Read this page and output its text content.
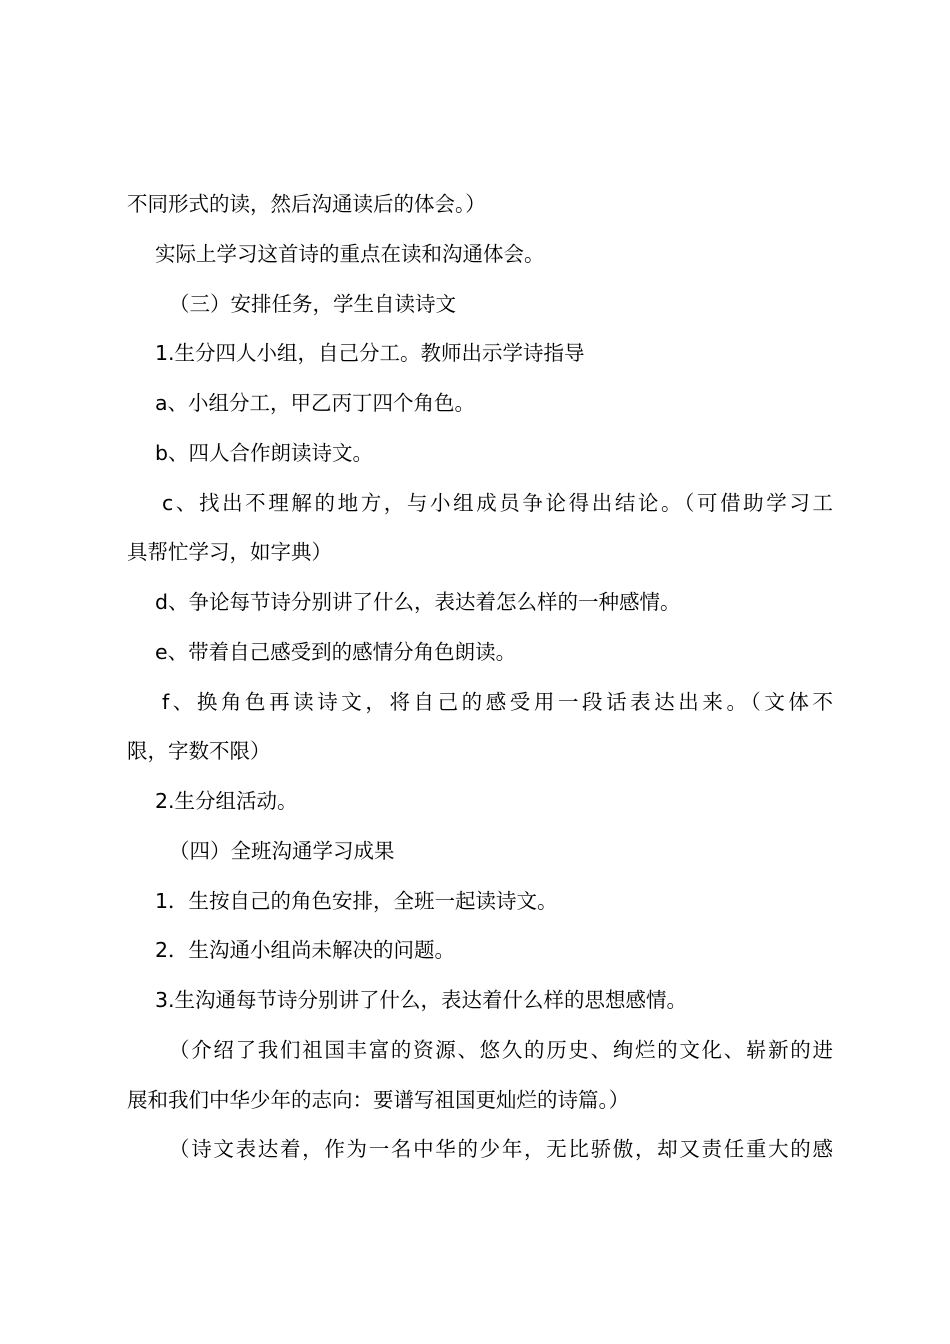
不同形式的读，然后沟通读后的体会。）
实际上学习这首诗的重点在读和沟通体会。
（三）安排任务，学生自读诗文
1.生分四人小组，自己分工。教师出示学诗指导
a、小组分工，甲乙丙丁四个角色。
b、四人合作朗读诗文。
c、找出不理解的地方，与小组成员争论得出结论。（可借助学习工
具帮忙学习，如字典）
d、争论每节诗分别讲了什么，表达着怎么样的一种感情。
e、带着自己感受到的感情分角色朗读。
f、换角色再读诗文，将自己的感受用一段话表达出来。（文体不
限，字数不限）
2.生分组活动。
（四）全班沟通学习成果
1．生按自己的角色安排，全班一起读诗文。
2．生沟通小组尚未解决的问题。
3.生沟通每节诗分别讲了什么，表达着什么样的思想感情。
（介绍了我们祖国丰富的资源、悠久的历史、绚烂的文化、崭新的进
展和我们中华少年的志向：要谱写祖国更灿烂的诗篇。）
（诗文表达着，作为一名中华的少年，无比骄傲，却又责任重大的感
